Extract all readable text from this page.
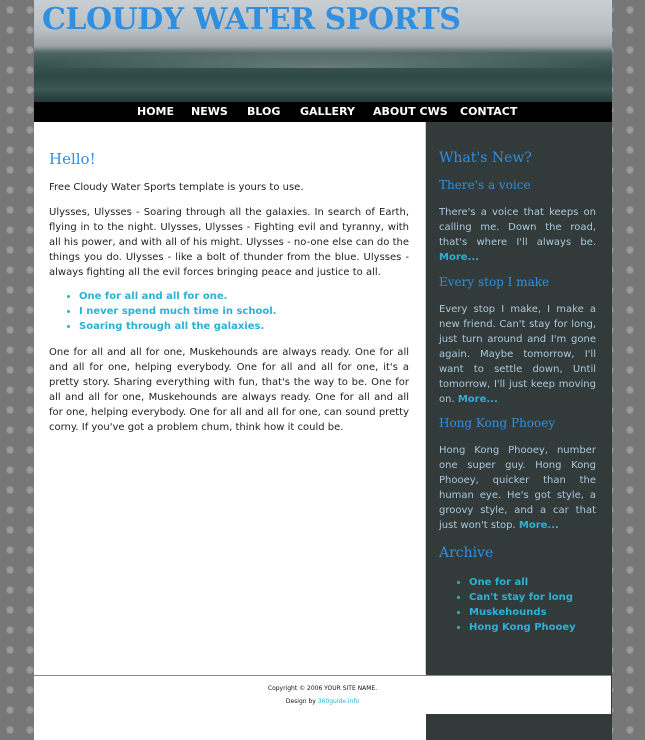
CLOUDY WATER SPORTS
HOME NEWS BLOG GALLERY ABOUT CWS CONTACT
Hello!

Free Cloudy Water Sports template is yours to use.

Ulysses, Ulysses - Soaring through all the galaxies. In search of Earth, flying in to the night. Ulysses, Ulysses - Fighting evil and tyranny, with all his power, and with all of his might. Ulysses - no-one else can do the things you do. Ulysses - like a bolt of thunder from the blue. Ulysses - always fighting all the evil forces bringing peace and justice to all.

• One for all and all for one.
• I never spend much time in school.
• Soaring through all the galaxies.

One for all and all for one, Muskehounds are always ready. One for all and all for one, helping everybody. One for all and all for one, it's a pretty story. Sharing everything with fun, that's the way to be. One for all and all for one, Muskehounds are always ready. One for all and all for one, helping everybody. One for all and all for one, can sound pretty corny. If you've got a problem chum, think how it could be.

What's New?
There's a voice

There's a voice that keeps on calling me. Down the road, that's where I'll always be. More...

Every stop I make

Every stop I make, I make a new friend. Can't stay for long, just turn around and I'm gone again. Maybe tomorrow, I'll want to settle down, Until tomorrow, I'll just keep moving on. More...

Hong Kong Phooey

Hong Kong Phooey, number one super guy. Hong Kong Phooey, quicker than the human eye. He's got style, a groovy style, and a car that just won't stop. More...

Archive
• One for all
• Can't stay for long
• Muskehounds
• Hong Kong Phooey
Copyright © 2006 YOUR SITE NAME.
Design by 360guide.info
